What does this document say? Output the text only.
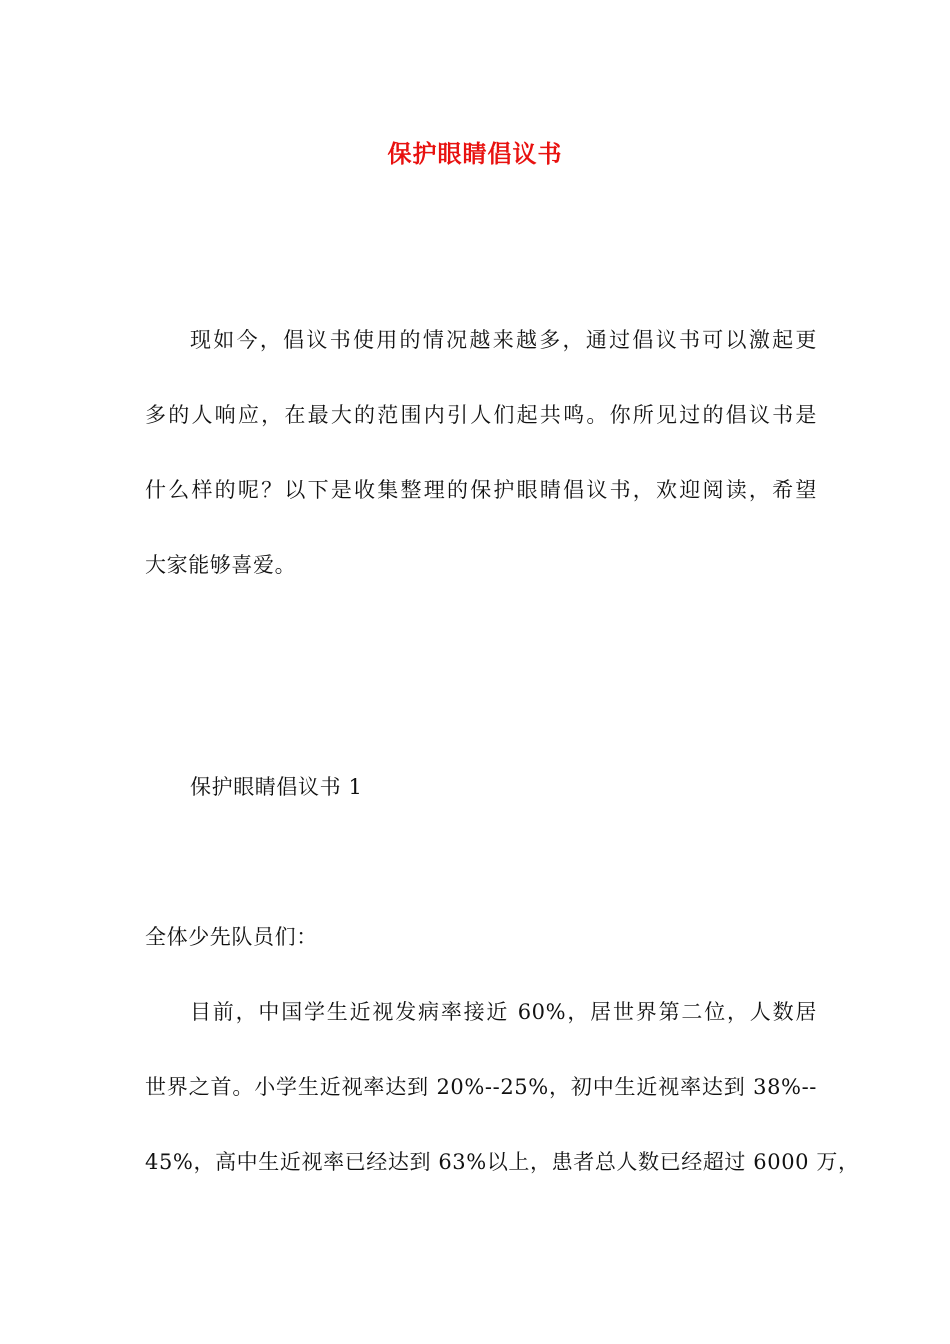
保护眼睛倡议书
现如今，倡议书使用的情况越来越多，通过倡议书可以激起更
多的人响应，在最大的范围内引人们起共鸣。你所见过的倡议书是
什么样的呢？以下是收集整理的保护眼睛倡议书，欢迎阅读，希望
大家能够喜爱。
保护眼睛倡议书 1
全体少先队员们：
目前，中国学生近视发病率接近 60%，居世界第二位，人数居
世界之首。小学生近视率达到 20%--25%，初中生近视率达到 38%--
45%，高中生近视率已经达到 63%以上，患者总人数已经超过 6000 万，
